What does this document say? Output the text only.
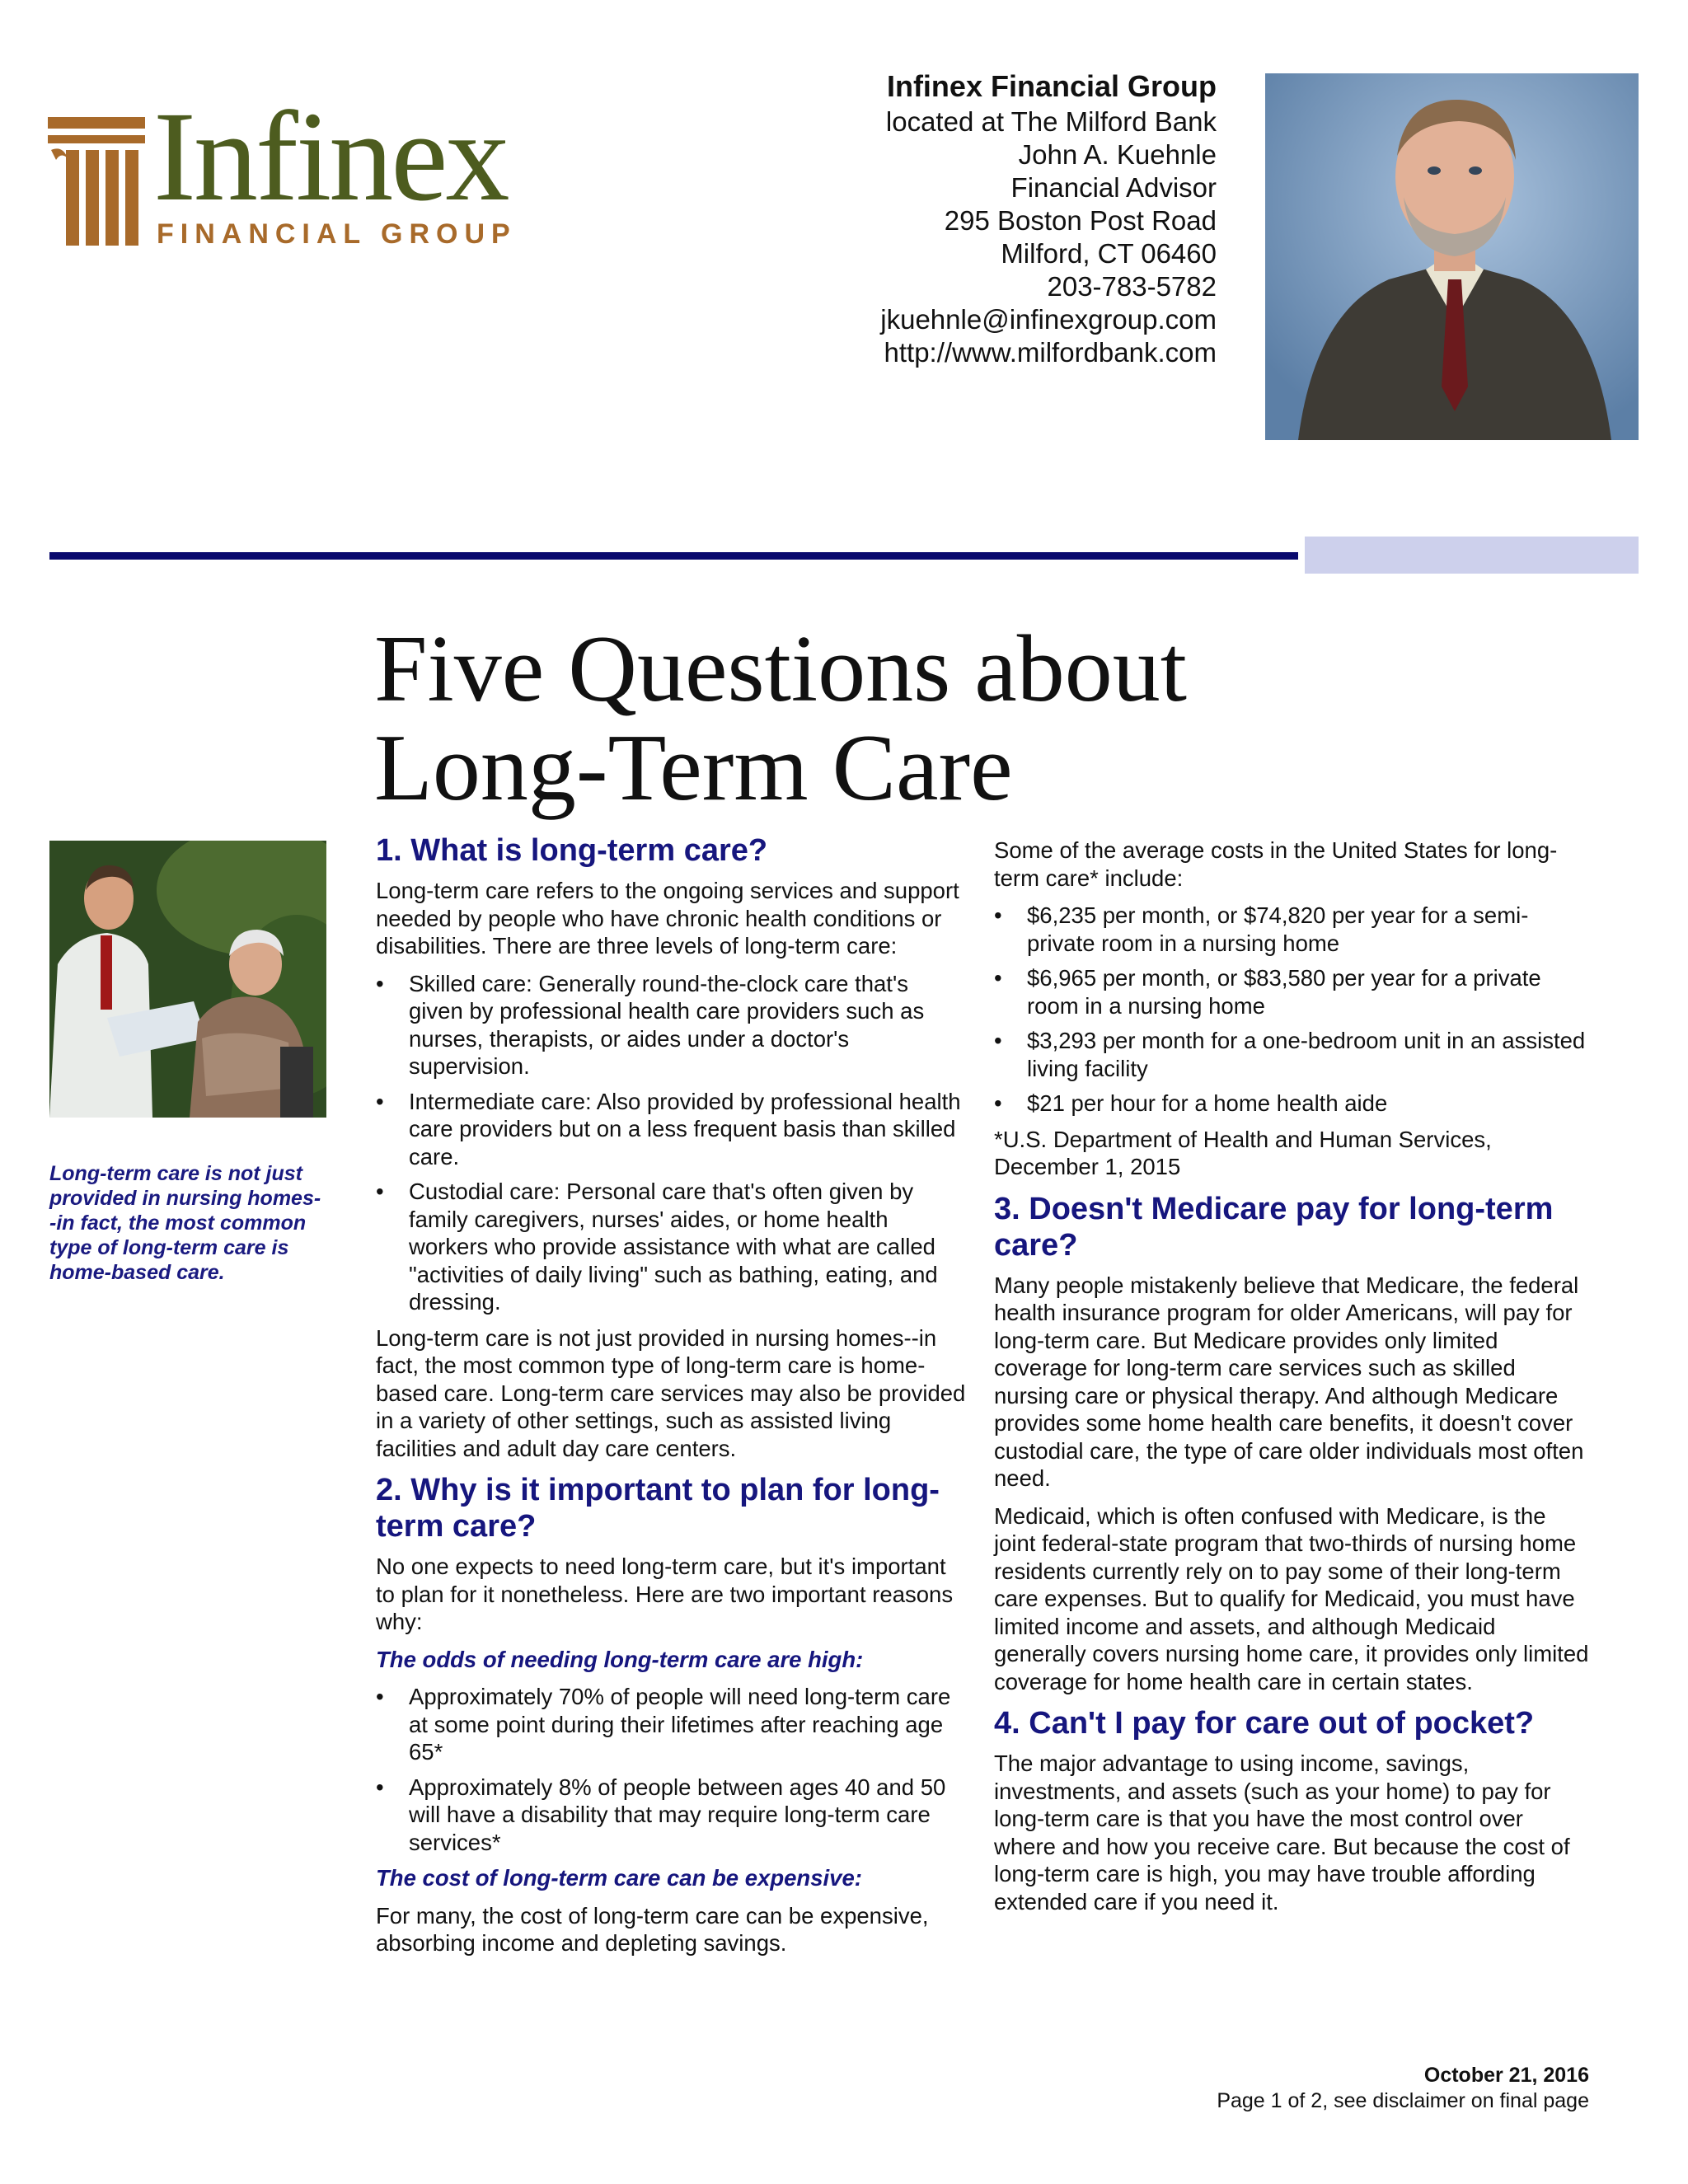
Infinex
FINANCIAL GROUP
Infinex Financial Group
located at The Milford Bank
John A. Kuehnle
Financial Advisor
295 Boston Post Road
Milford, CT 06460
203-783-5782
jkuehnle@infinexgroup.com
http://www.milfordbank.com
Five Questions about
Long-Term Care
Long-term care is not just provided in nursing homes--in fact, the most common type of long-term care is home-based care.
1. What is long-term care?

Long-term care refers to the ongoing services and support needed by people who have chronic health conditions or disabilities. There are three levels of long-term care:

• Skilled care: Generally round-the-clock care that's given by professional health care providers such as nurses, therapists, or aides under a doctor's supervision.
• Intermediate care: Also provided by professional health care providers but on a less frequent basis than skilled care.
• Custodial care: Personal care that's often given by family caregivers, nurses' aides, or home health workers who provide assistance with what are called "activities of daily living" such as bathing, eating, and dressing.

Long-term care is not just provided in nursing homes--in fact, the most common type of long-term care is home-based care. Long-term care services may also be provided in a variety of other settings, such as assisted living facilities and adult day care centers.

2. Why is it important to plan for long-term care?

No one expects to need long-term care, but it's important to plan for it nonetheless. Here are two important reasons why:

The odds of needing long-term care are high:
• Approximately 70% of people will need long-term care at some point during their lifetimes after reaching age 65*
• Approximately 8% of people between ages 40 and 50 will have a disability that may require long-term care services*
The cost of long-term care can be expensive:

For many, the cost of long-term care can be expensive, absorbing income and depleting savings.

Some of the average costs in the United States for long-term care* include:

• $6,235 per month, or $74,820 per year for a semi-private room in a nursing home
• $6,965 per month, or $83,580 per year for a private room in a nursing home
• $3,293 per month for a one-bedroom unit in an assisted living facility
• $21 per hour for a home health aide

*U.S. Department of Health and Human Services, December 1, 2015

3. Doesn't Medicare pay for long-term care?

Many people mistakenly believe that Medicare, the federal health insurance program for older Americans, will pay for long-term care. But Medicare provides only limited coverage for long-term care services such as skilled nursing care or physical therapy. And although Medicare provides some home health care benefits, it doesn't cover custodial care, the type of care older individuals most often need.

Medicaid, which is often confused with Medicare, is the joint federal-state program that two-thirds of nursing home residents currently rely on to pay some of their long-term care expenses. But to qualify for Medicaid, you must have limited income and assets, and although Medicaid generally covers nursing home care, it provides only limited coverage for home health care in certain states.

4. Can't I pay for care out of pocket?

The major advantage to using income, savings, investments, and assets (such as your home) to pay for long-term care is that you have the most control over where and how you receive care. But because the cost of long-term care is high, you may have trouble affording extended care if you need it.

October 21, 2016
Page 1 of 2, see disclaimer on final page
